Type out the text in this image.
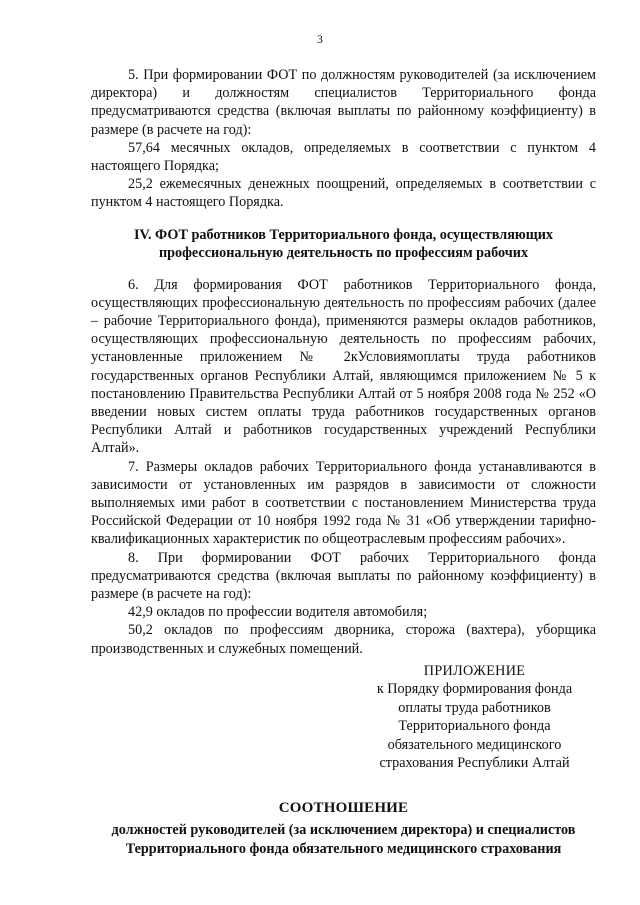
3

5. При формировании ФОТ по должностям руководителей (за исключением директора) и должностям специалистов Территориального фонда предусматриваются средства (включая выплаты по районному коэффициенту) в размере (в расчете на год):

57,64 месячных окладов, определяемых в соответствии с пунктом 4 настоящего Порядка;

25,2 ежемесячных денежных поощрений, определяемых в соответствии с пунктом 4 настоящего Порядка.

IV. ФОТ работников Территориального фонда, осуществляющих
профессиональную деятельность по профессиям рабочих

6. Для формирования ФОТ работников Территориального фонда, осуществляющих профессиональную деятельность по профессиям рабочих (далее – рабочие Территориального фонда), применяются размеры окладов работников, осуществляющих профессиональную деятельность по профессиям рабочих, установленные приложением № 2кУсловиямоплаты труда работников государственных органов Республики Алтай, являющимся приложением № 5 к постановлению Правительства Республики Алтай от 5 ноября 2008 года № 252 «О введении новых систем оплаты труда работников государственных органов Республики Алтай и работников государственных учреждений Республики Алтай».

7. Размеры окладов рабочих Территориального фонда устанавливаются в зависимости от установленных им разрядов в зависимости от сложности выполняемых ими работ в соответствии с постановлением Министерства труда Российской Федерации от 10 ноября 1992 года № 31 «Об утверждении тарифно-квалификационных характеристик по общеотраслевым профессиям рабочих».

8. При формировании ФОТ рабочих Территориального фонда предусматриваются средства (включая выплаты по районному коэффициенту) в размере (в расчете на год):

42,9 окладов по профессии водителя автомобиля;

50,2 окладов по профессиям дворника, сторожа (вахтера), уборщика производственных и служебных помещений.

ПРИЛОЖЕНИЕ
к Порядку формирования фонда
оплаты труда работников
Территориального фонда
обязательного медицинского
страхования Республики Алтай
СООТНОШЕНИЕ
должностей руководителей (за исключением директора) и специалистов
Территориального фонда обязательного медицинского страхования
